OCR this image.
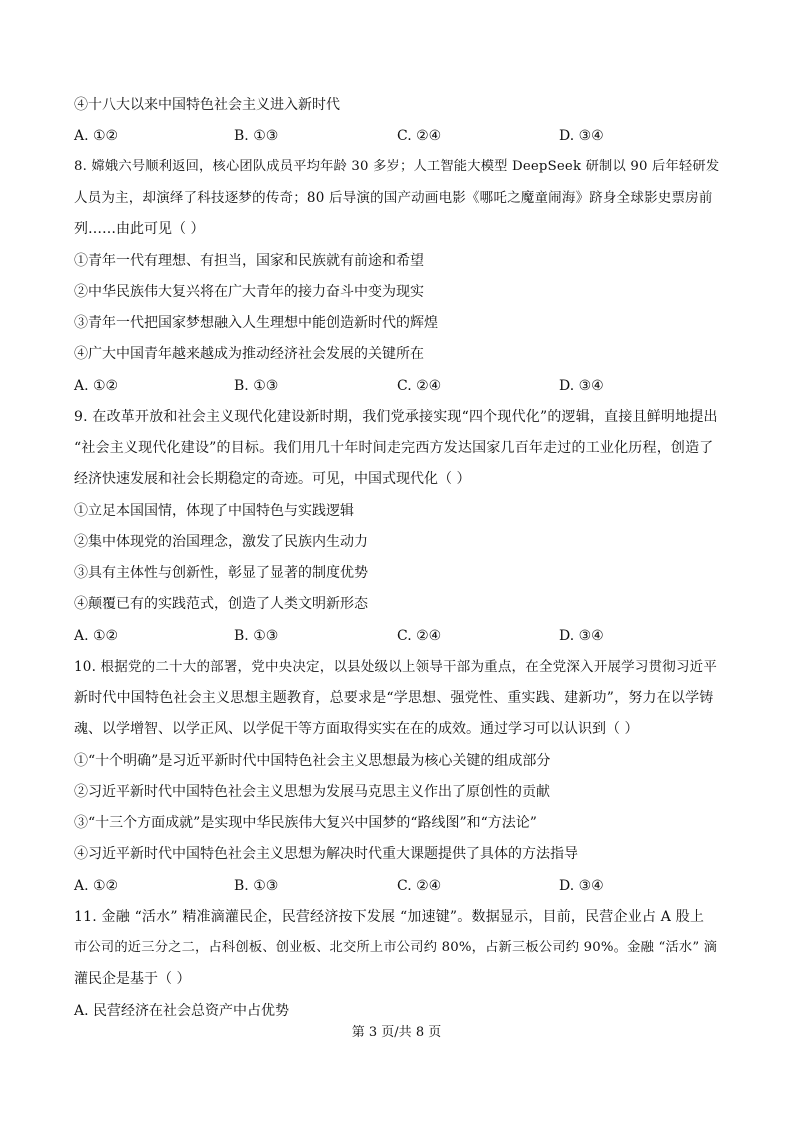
④十八大以来中国特色社会主义进入新时代
A. ①②	B. ①③	C. ②④	D. ③④
8. 嫦娥六号顺利返回，核心团队成员平均年龄 30 多岁；人工智能大模型 DeepSeek 研制以 90 后年轻研发
人员为主，却演绎了科技逐梦的传奇；80 后导演的国产动画电影《哪吒之魔童闹海》跻身全球影史票房前
列……由此可见（ ）
①青年一代有理想、有担当，国家和民族就有前途和希望
②中华民族伟大复兴将在广大青年的接力奋斗中变为现实
③青年一代把国家梦想融入人生理想中能创造新时代的辉煌
④广大中国青年越来越成为推动经济社会发展的关键所在
A. ①②	B. ①③	C. ②④	D. ③④
9. 在改革开放和社会主义现代化建设新时期，我们党承接实现“四个现代化”的逻辑，直接且鲜明地提出
“社会主义现代化建设”的目标。我们用几十年时间走完西方发达国家几百年走过的工业化历程，创造了
经济快速发展和社会长期稳定的奇迹。可见，中国式现代化（ ）
①立足本国国情，体现了中国特色与实践逻辑
②集中体现党的治国理念，激发了民族内生动力
③具有主体性与创新性，彰显了显著的制度优势
④颠覆已有的实践范式，创造了人类文明新形态
A. ①②	B. ①③	C. ②④	D. ③④
10. 根据党的二十大的部署，党中央决定，以县处级以上领导干部为重点，在全党深入开展学习贯彻习近平
新时代中国特色社会主义思想主题教育，总要求是“学思想、强党性、重实践、建新功”，努力在以学铸
魂、以学增智、以学正风、以学促干等方面取得实实在在的成效。通过学习可以认识到（ ）
①“十个明确”是习近平新时代中国特色社会主义思想最为核心关键的组成部分
②习近平新时代中国特色社会主义思想为发展马克思主义作出了原创性的贡献
③“十三个方面成就”是实现中华民族伟大复兴中国梦的“路线图”和“方法论”
④习近平新时代中国特色社会主义思想为解决时代重大课题提供了具体的方法指导
A. ①②	B. ①③	C. ②④	D. ③④
11. 金融 “活水” 精准滴灌民企，民营经济按下发展 “加速键”。数据显示，目前，民营企业占 A 股上
市公司的近三分之二，占科创板、创业板、北交所上市公司约 80%，占新三板公司约 90%。金融 “活水” 滴
灌民企是基于（ ）
A. 民营经济在社会总资产中占优势
第 3 页/共 8 页
